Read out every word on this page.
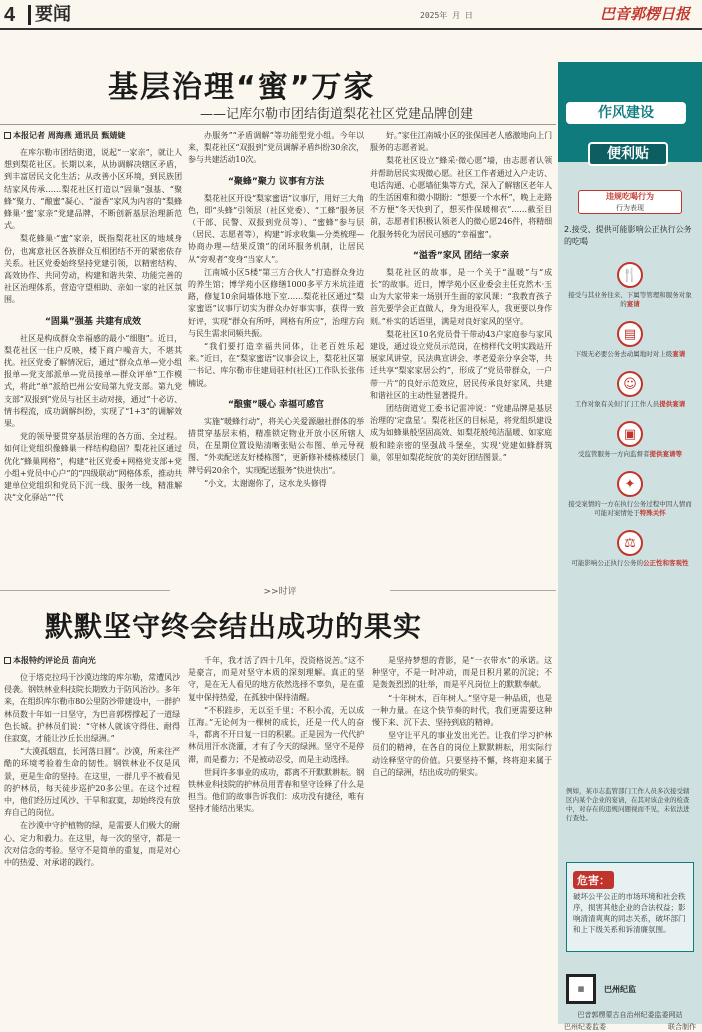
4	要闻	2025年 月 日	巴音郭楞日报
基层治理“蜜”万家
——记库尔勒市团结街道梨花社区党建品牌创建
本报记者 周海燕 通讯员 甄婧婕

在库尔勒市团结街道，说起“一家亲”，就让人想到梨花社区。长期以来，从协调解决辖区矛盾，到丰富居民文化生活；从改善小区环境，到民族团结家风传承……梨花社区打造以“固巢”强基、“聚蜂”聚力、“酿蜜”凝心、“溢香”家风为内容的“梨蜂蜂巢·‘蜜’家亲”党建品牌，不断创新基层治理新范式。

梨花蜂巢·“蜜”家亲，既指梨花社区的地域身份，也寓意社区各族群众互相团结不开的紧密依存关系。社区党委始终坚持党建引领，以精密结构、高效协作、共同劳动，构建和谐共荣、功能完善的社区治理体系，营造守望相助、亲如一家的社区氛围。

“固巢”强基 共建有成效

社区是构成群众幸福感的最小“细胞”。近日，梨花社区一住户反映，楼下商户噪音大，不堪其扰。社区党委了解情况后，通过“群众点单—党小组报单—党支部派单—党员接单—群众评单”工作模式，将此“单”派给巴州公安局第九党支部。第九党支部“双报到”党员与社区主动对接，通过“十必访、情书程流，成功调解纠纷，实现了“1+3”的调解效果。

党的领导要贯穿基层治理的各方面、全过程。如何让党组织像蜂巢一样结构稳固？梨花社区通过优化“蜂巢网格”，构建“社区党委+网格党支部+党小组+党员中心户”的“四级联动”网格体系，推动共建单位党组织和党员下沉一线、服务一线，精准解决“文化驿站”“代

办服务”“矛盾调解”等功能型党小组。今年以来，梨花社区“双报到”党员调解矛盾纠纷30余次，参与共建活动10次。

“聚蜂”聚力 议事有方法

梨花社区开设“梨家蜜语”议事厅，用好三大角色，即“头蜂”引领层（社区党委）、“工蜂”服务层（干部、民警、双报到党员等）、“蜜蜂”参与层（居民、志愿者等），构建“诉求收集—分类梳理—协商办理—结果反馈”的闭环服务机制，让居民从“旁观者”变身“当家人”。

江南城小区5楼“第三方合伙人”打造群众身边的养生馆；博学苑小区修缮1000多平方米坑洼道路，修复10余间墙体地下室……梨花社区通过“梨家蜜语”议事厅切实为群众办好事实事，获得一致好评，实现“群众有所呼，网格有所应”，治理方向与民生需求同频共振。

“我们要打造幸福共同体，让老百姓乐起来。”近日，在“梨家蜜语”议事会议上，梨花社区第一书记、库尔勒市住建局驻村(社区)工作队长张伟楠说。

“酿蜜”暖心 幸福可感官

实施“暖蜂行动”，将关心关爱源融社群体的举措贯穿基层末梢，精准锁定物业开放小区所辖人员，在星期位置设贴清晰张贴公布图、单元导视图、“外卖配送友好楼栋图”，更新修补楼栋楼层门牌号码20余个，实现配送服务“快进快出”。

“小文，太谢谢你了，这水龙头修得

好。”家住江南城小区的张保国老人感激地向上门服务的志愿者说。

梨花社区设立“蜂采·微心愿”墙，由志愿者认领并帮助居民实现微心愿。社区工作者通过入户走访、电话沟通、心愿墙征集等方式，深入了解辖区老年人的生活困难和微小期盼：“想要一个水杯”，晚上走路不方便“冬天快到了，想买件保暖棉衣”……截至目前，志愿者们积极认领老人的微心愿246件，将精细化服务转化为居民可感的“幸福蜜”。

“溢香”家风 团结一家亲

梨花社区的故事，是一个关于“温暖”与“成长”的故事。近日，博学苑小区业委会主任克然木·玉山为大家带来一场别开生面的家风课：“我教育孩子首先要学会正直做人，身为退役军人，我更要以身作则。”朴实的话语里，满是对良好家风的坚守。

梨花社区10名党员骨干带动43户家庭参与家风建设，通过设立党员示范岗，在榜样代文明实践站开展家风讲堂，民法典宣讲会、孝老爱亲分享会等，共迁共享“梨家家居公约”，形成了“党员带群众，一户带一片”的良好示范效应，居民传承良好家风、共建和谐社区的主动性显著提升。

团结街道党工委书记雷冲说：“党建品牌是基层治理的‘定盘星’。梨花社区的目标是，将党组织建设成为如蜂巢般坚固高效、如梨花般纯洁温暖、如家庭般和睦亲密的坚强战斗堡垒，实现‘党建如蜂群筑巢，邻里如梨花绽放’的美好团结图景。”

>>时评
默默坚守终会结出成功的果实
本报特约评论员 苗向光

位于塔克拉玛干沙漠边缘的库尔勒，常遭风沙侵袭。钢铁林业科技院长期致力于防风治沙。多年来，在组织库尔勒市80公里防沙带建设中，一群护林员数十年如一日坚守，为巴音郭楞撑起了一道绿色长城。护林员们说：“守林人就该守得住、耐得住寂寞，才能让沙丘长出绿洲。”

“大漠孤烟直，长河落日圆”。沙漠，所来往严酷的环境考验着生命的韧性。钢铁林业不仅是风景，更是生命的坚持。在这里，一群几乎不被看见的护林员，每天徒步巡护20多公里。在这个过程中，他们经历过风沙、干旱和寂寞，却始终没有放弃自己的岗位。

在沙漠中守护植物的绿，是需要人们极大的耐心、定力和毅力。在这里，每一次的坚守，都是一次对信念的考验。坚守不是简单的重复，而是对心中的热爱、对承诺的践行。

千年，我才活了四十几年，没资格说苦。”这不是豪言，而是对坚守本质的深刻理解。真正的坚守，是在无人看见的地方依然选择不辜负，是在重复中保持热爱，在孤独中保持清醒。

“不积跬步，无以至千里；不积小流，无以成江海。”无论何为一棵树的成长，还是一代人的奋斗，都离不开日复一日的积累。正是因为一代代护林员用汗水浇灌，才有了今天的绿洲。坚守不是停滞，而是蓄力；不是被动忍受，而是主动选择。

世间许多事业的成功，都离不开默默耕耘。钢铁林业科技院的护林员用青春和坚守诠释了什么是担当。他们的故事告诉我们：成功没有捷径，唯有坚持才能结出果实。

是坚持梦想的背影，是“一衣带水”的承诺。这种坚守，不是一时冲动，而是日积月累的沉淀；不是轰轰烈烈的壮举，而是平凡岗位上的默默奉献。

“十年树木，百年树人。”坚守是一种品质，也是一种力量。在这个快节奏的时代，我们更需要这种慢下来、沉下去、坚持到底的精神。

坚守让平凡的事业发出光芒。让我们学习护林员们的精神，在各自的岗位上默默耕耘，用实际行动诠释坚守的价值。只要坚持不懈，终将迎来属于自己的绿洲，结出成功的果实。

作风建设
便利贴
违规吃喝行为
行为表现
2.接受、提供可能影响公正执行公务的吃喝
🍴
接受与其业务往来、下属等管理和服务对象的宴请
▤
下级无必要公务去动属地时对上级宴请
☺
工作对象有关但门门工作人员提供宴请
▣
受监管服务一方向监督者提供宴请等
✦
接受案情的一方在执行公务过程中因人情而可能对案情处于特殊关怀
⚖
可能影响公正执行公务的公正性和客观性
例如，某市志监管部门工作人员多次接受辖区内某个企业的宴请，在其对该企业的检查中，对存在的违规问题视而不见，未依法进行查处。
危害：
破坏公平公正的市场环境和社会秩序，损害其他企业的合法权益；影响清清爽爽的同志关系，破坏部门和上下级关系和诉清廉氛围。
▦	巴州纪监
巴音郭楞蒙古自治州纪委监委网站
巴州纪委监委	联合制作
